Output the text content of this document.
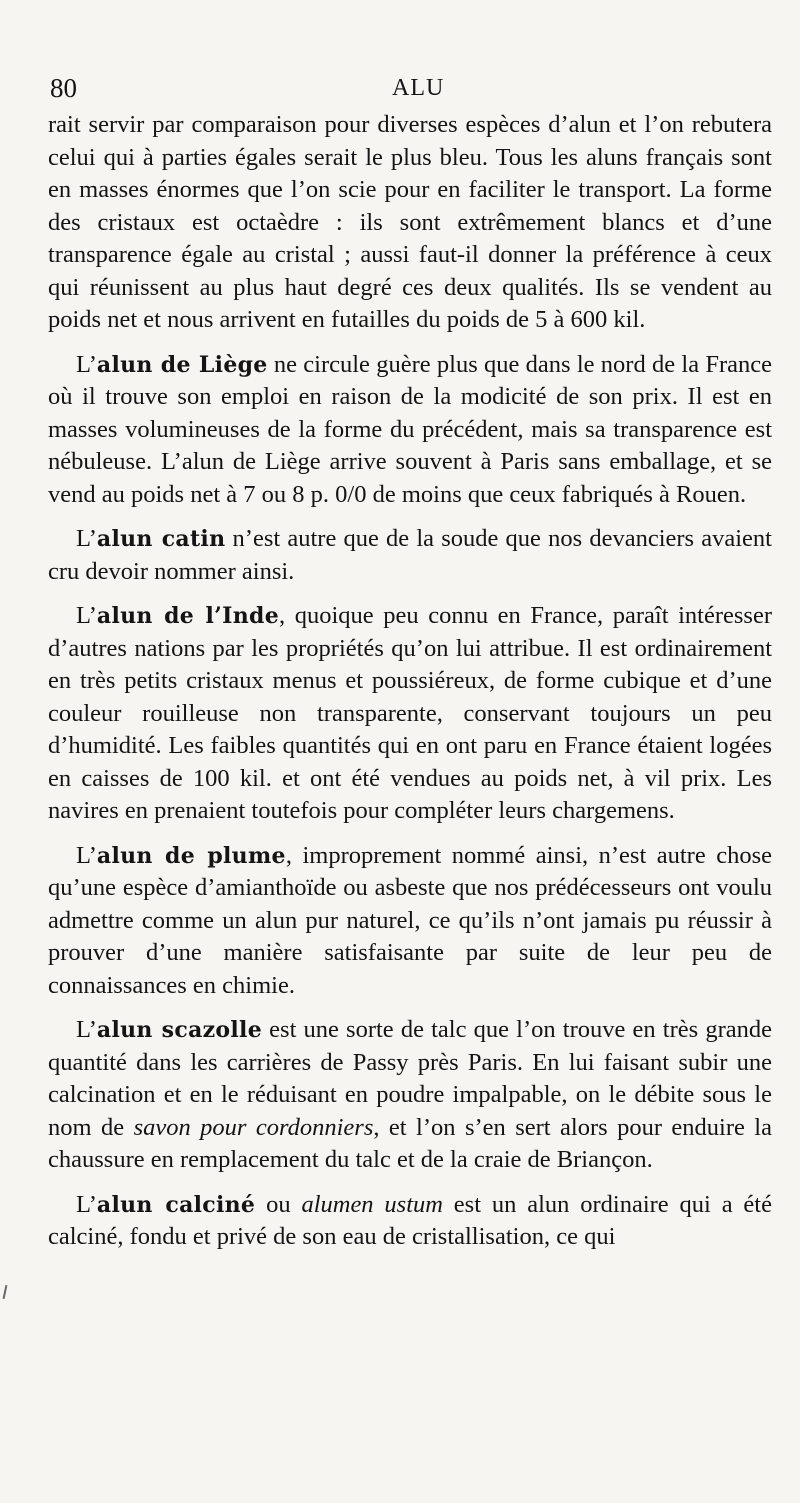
80	ALU

rait servir par comparaison pour diverses espèces d’alun et l’on rebutera celui qui à parties égales serait le plus bleu. Tous les aluns français sont en masses énormes que l’on scie pour en faciliter le transport. La forme des cristaux est octaèdre : ils sont extrêmement blancs et d’une transparence égale au cristal ; aussi faut-il donner la préférence à ceux qui réunissent au plus haut degré ces deux qualités. Ils se vendent au poids net et nous arrivent en futailles du poids de 5 à 600 kil.

L’alun de Liège ne circule guère plus que dans le nord de la France où il trouve son emploi en raison de la modicité de son prix. Il est en masses volumineuses de la forme du précédent, mais sa transparence est nébuleuse. L’alun de Liège arrive souvent à Paris sans emballage, et se vend au poids net à 7 ou 8 p. 0/0 de moins que ceux fabriqués à Rouen.

L’alun catin n’est autre que de la soude que nos devanciers avaient cru devoir nommer ainsi.

L’alun de l’Inde, quoique peu connu en France, paraît intéresser d’autres nations par les propriétés qu’on lui attribue. Il est ordinairement en très petits cristaux menus et poussiéreux, de forme cubique et d’une couleur rouilleuse non transparente, conservant toujours un peu d’humidité. Les faibles quantités qui en ont paru en France étaient logées en caisses de 100 kil. et ont été vendues au poids net, à vil prix. Les navires en prenaient toutefois pour compléter leurs chargemens.

L’alun de plume, improprement nommé ainsi, n’est autre chose qu’une espèce d’amianthoïde ou asbeste que nos prédécesseurs ont voulu admettre comme un alun pur naturel, ce qu’ils n’ont jamais pu réussir à prouver d’une manière satisfaisante par suite de leur peu de connaissances en chimie.

L’alun scazolle est une sorte de talc que l’on trouve en très grande quantité dans les carrières de Passy près Paris. En lui faisant subir une calcination et en le réduisant en poudre impalpable, on le débite sous le nom de savon pour cordonniers, et l’on s’en sert alors pour enduire la chaussure en remplacement du talc et de la craie de Briançon.

L’alun calciné ou alumen ustum est un alun ordinaire qui a été calciné, fondu et privé de son eau de cristallisation, ce qui
